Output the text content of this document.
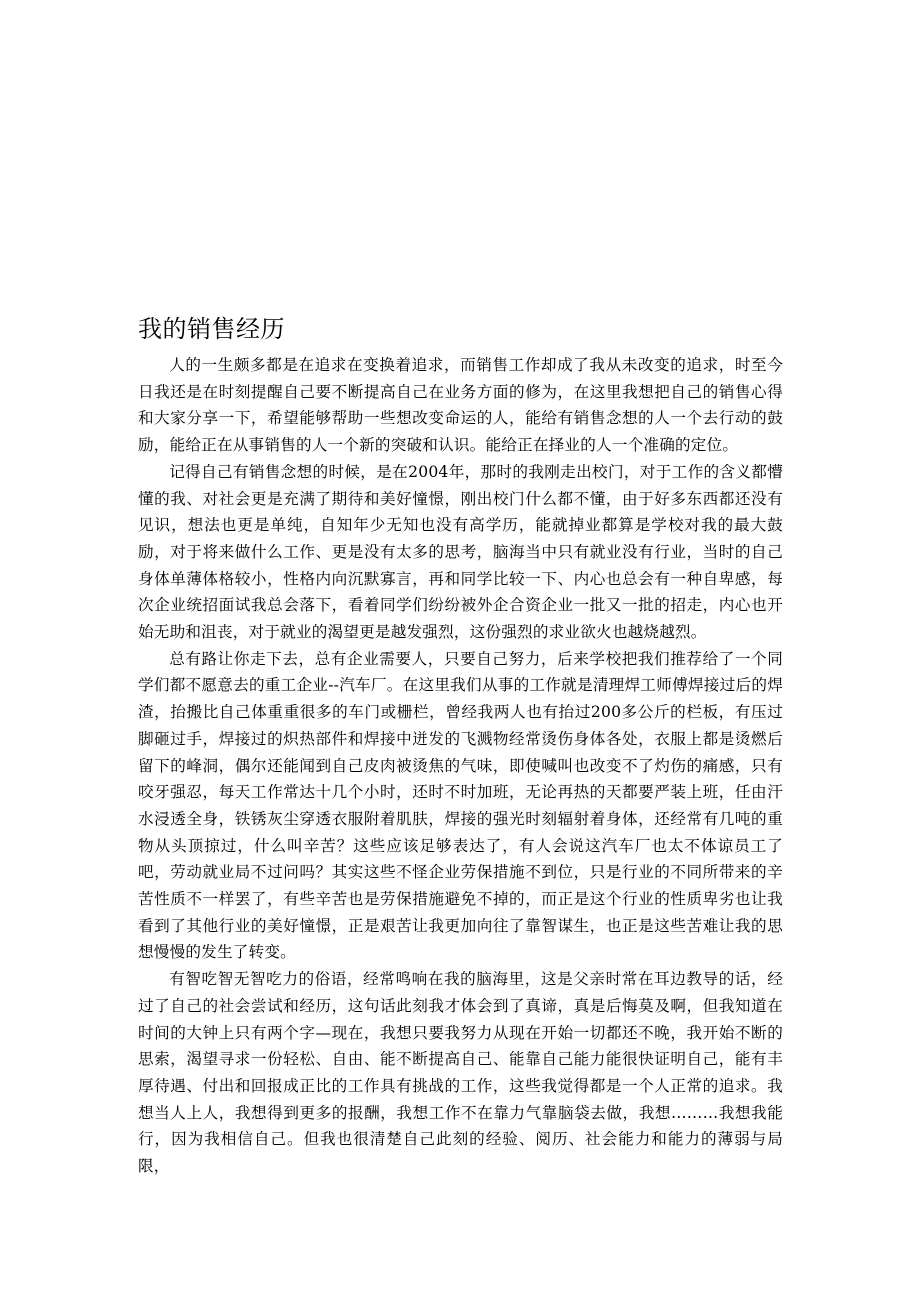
我的销售经历

人的一生颇多都是在追求在变换着追求，而销售工作却成了我从未改变的追求，时至今日我还是在时刻提醒自己要不断提高自己在业务方面的修为，在这里我想把自己的销售心得和大家分享一下，希望能够帮助一些想改变命运的人，能给有销售念想的人一个去行动的鼓励，能给正在从事销售的人一个新的突破和认识。能给正在择业的人一个准确的定位。

记得自己有销售念想的时候，是在2004年，那时的我刚走出校门，对于工作的含义都懵懂的我、对社会更是充满了期待和美好憧憬，刚出校门什么都不懂，由于好多东西都还没有见识，想法也更是单纯，自知年少无知也没有高学历，能就掉业都算是学校对我的最大鼓励，对于将来做什么工作、更是没有太多的思考，脑海当中只有就业没有行业，当时的自己身体单薄体格较小，性格内向沉默寡言，再和同学比较一下、内心也总会有一种自卑感，每次企业统招面试我总会落下，看着同学们纷纷被外企合资企业一批又一批的招走，内心也开始无助和沮丧，对于就业的渴望更是越发强烈，这份强烈的求业欲火也越烧越烈。

总有路让你走下去，总有企业需要人，只要自己努力，后来学校把我们推荐给了一个同学们都不愿意去的重工企业--汽车厂。在这里我们从事的工作就是清理焊工师傅焊接过后的焊渣，抬搬比自己体重重很多的车门或栅栏，曾经我两人也有抬过200多公斤的栏板，有压过脚砸过手，焊接过的炽热部件和焊接中迸发的飞溅物经常烫伤身体各处，衣服上都是烫燃后留下的峰洞，偶尔还能闻到自己皮肉被烫焦的气味，即使喊叫也改变不了灼伤的痛感，只有咬牙强忍，每天工作常达十几个小时，还时不时加班，无论再热的天都要严装上班，任由汗水浸透全身，铁锈灰尘穿透衣服附着肌肤，焊接的强光时刻辐射着身体，还经常有几吨的重物从头顶掠过，什么叫辛苦？这些应该足够表达了，有人会说这汽车厂也太不体谅员工了吧，劳动就业局不过问吗？其实这些不怪企业劳保措施不到位，只是行业的不同所带来的辛苦性质不一样罢了，有些辛苦也是劳保措施避免不掉的，而正是这个行业的性质卑劣也让我看到了其他行业的美好憧憬，正是艰苦让我更加向往了靠智谋生，也正是这些苦难让我的思想慢慢的发生了转变。

有智吃智无智吃力的俗语，经常鸣响在我的脑海里，这是父亲时常在耳边教导的话，经过了自己的社会尝试和经历，这句话此刻我才体会到了真谛，真是后悔莫及啊，但我知道在时间的大钟上只有两个字—现在，我想只要我努力从现在开始一切都还不晚，我开始不断的思索，渴望寻求一份轻松、自由、能不断提高自己、能靠自己能力能很快证明自己，能有丰厚待遇、付出和回报成正比的工作具有挑战的工作，这些我觉得都是一个人正常的追求。我想当人上人，我想得到更多的报酬，我想工作不在靠力气靠脑袋去做，我想………我想我能行，因为我相信自己。但我也很清楚自己此刻的经验、阅历、社会能力和能力的薄弱与局限，
